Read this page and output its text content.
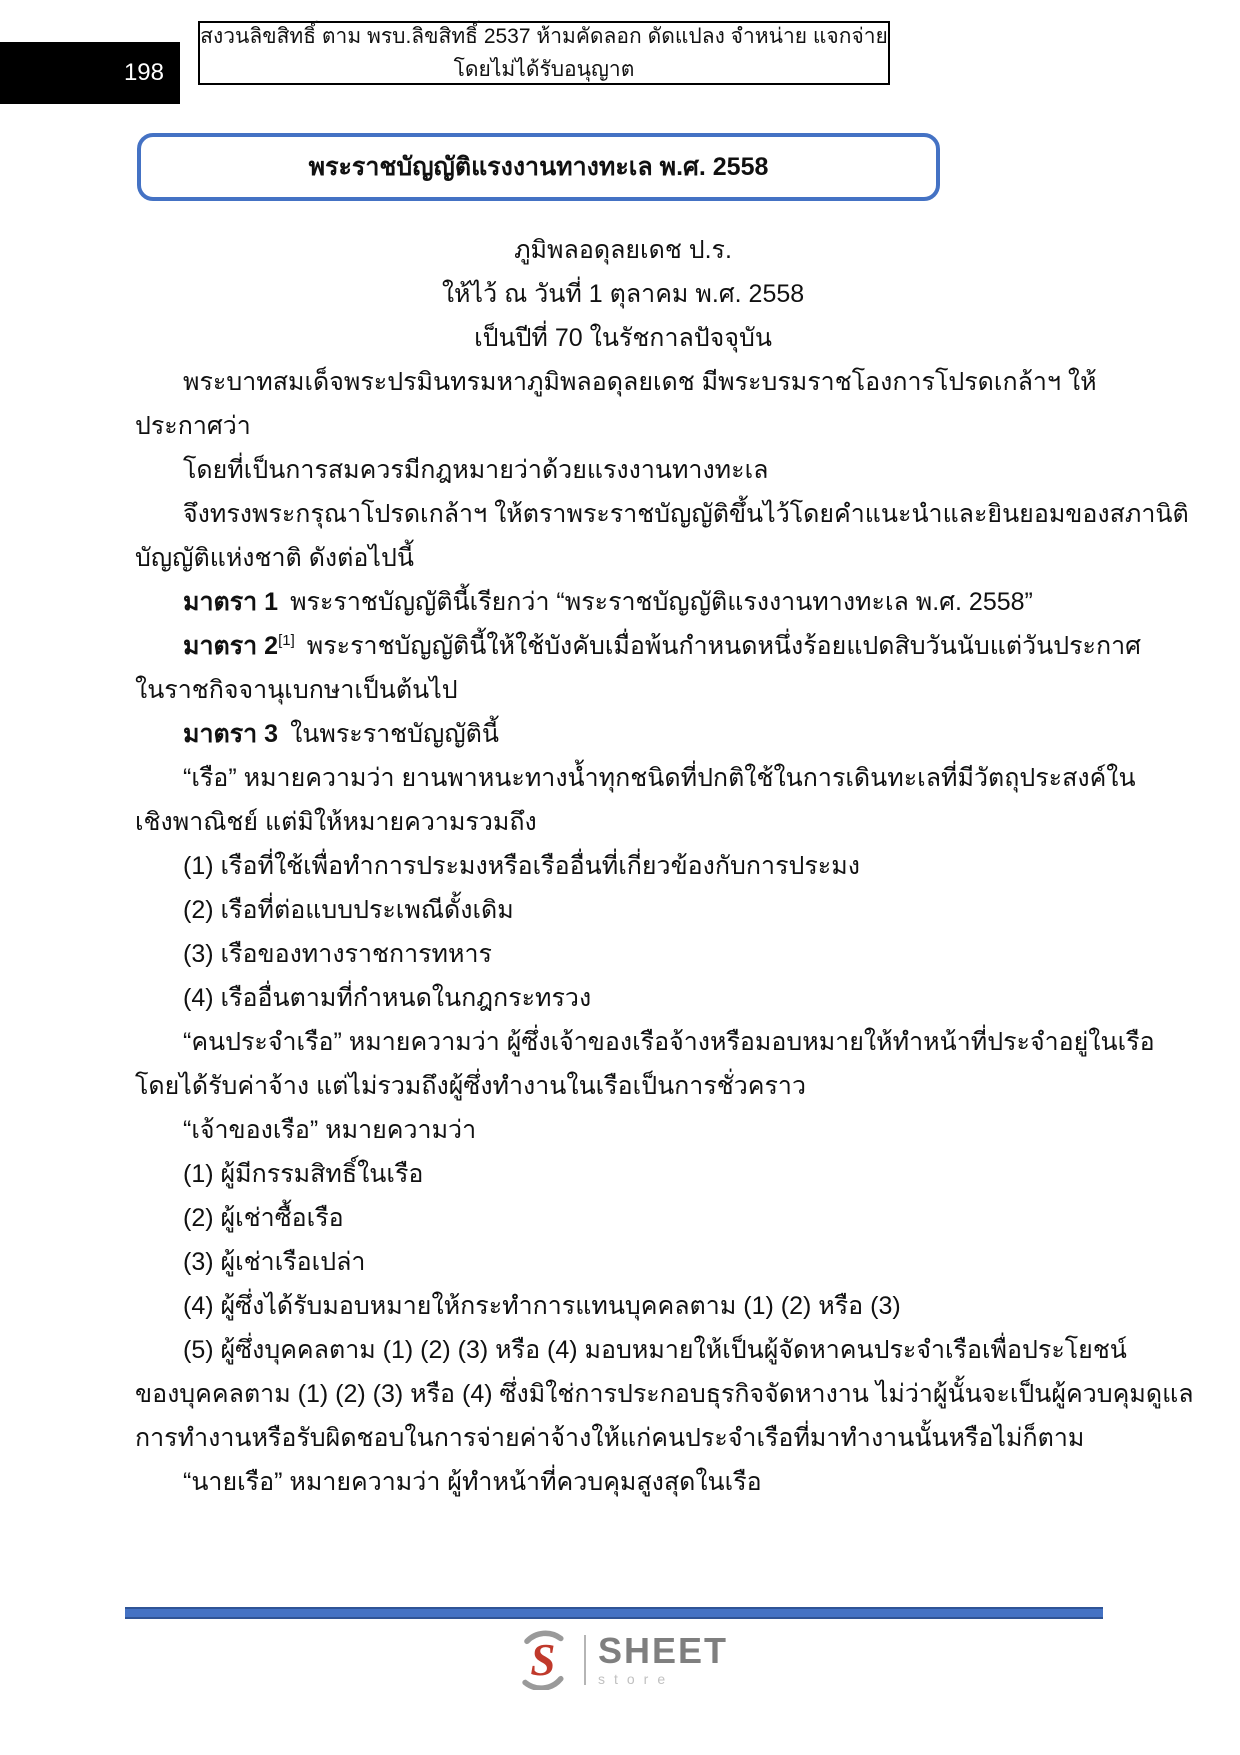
198
สงวนลิขสิทธิ์ ตาม พรบ.ลิขสิทธิ์ 2537 ห้ามคัดลอก ดัดแปลง จำหน่าย แจกจ่าย โดยไม่ได้รับอนุญาต
พระราชบัญญัติแรงงานทางทะเล พ.ศ. 2558
ภูมิพลอดุลยเดช ป.ร.
ให้ไว้ ณ วันที่ 1 ตุลาคม พ.ศ. 2558
เป็นปีที่ 70 ในรัชกาลปัจจุบัน
พระบาทสมเด็จพระปรมินทรมหาภูมิพลอดุลยเดช มีพระบรมราชโองการโปรดเกล้าฯ ให้
ประกาศว่า
โดยที่เป็นการสมควรมีกฎหมายว่าด้วยแรงงานทางทะเล
จึงทรงพระกรุณาโปรดเกล้าฯ ให้ตราพระราชบัญญัติขึ้นไว้โดยคำแนะนำและยินยอมของสภานิติ
บัญญัติแห่งชาติ ดังต่อไปนี้
มาตรา 1 พระราชบัญญัตินี้เรียกว่า “พระราชบัญญัติแรงงานทางทะเล พ.ศ. 2558”
มาตรา 2[1] พระราชบัญญัตินี้ให้ใช้บังคับเมื่อพ้นกำหนดหนึ่งร้อยแปดสิบวันนับแต่วันประกาศ
ในราชกิจจานุเบกษาเป็นต้นไป
มาตรา 3 ในพระราชบัญญัตินี้
“เรือ” หมายความว่า ยานพาหนะทางน้ำทุกชนิดที่ปกติใช้ในการเดินทะเลที่มีวัตถุประสงค์ใน
เชิงพาณิชย์ แต่มิให้หมายความรวมถึง
(1) เรือที่ใช้เพื่อทำการประมงหรือเรืออื่นที่เกี่ยวข้องกับการประมง
(2) เรือที่ต่อแบบประเพณีดั้งเดิม
(3) เรือของทางราชการทหาร
(4) เรืออื่นตามที่กำหนดในกฎกระทรวง
“คนประจำเรือ” หมายความว่า ผู้ซึ่งเจ้าของเรือจ้างหรือมอบหมายให้ทำหน้าที่ประจำอยู่ในเรือ
โดยได้รับค่าจ้าง แต่ไม่รวมถึงผู้ซึ่งทำงานในเรือเป็นการชั่วคราว
“เจ้าของเรือ” หมายความว่า
(1) ผู้มีกรรมสิทธิ์ในเรือ
(2) ผู้เช่าซื้อเรือ
(3) ผู้เช่าเรือเปล่า
(4) ผู้ซึ่งได้รับมอบหมายให้กระทำการแทนบุคคลตาม (1) (2) หรือ (3)
(5) ผู้ซึ่งบุคคลตาม (1) (2) (3) หรือ (4) มอบหมายให้เป็นผู้จัดหาคนประจำเรือเพื่อประโยชน์
ของบุคคลตาม (1) (2) (3) หรือ (4) ซึ่งมิใช่การประกอบธุรกิจจัดหางาน ไม่ว่าผู้นั้นจะเป็นผู้ควบคุมดูแล
การทำงานหรือรับผิดชอบในการจ่ายค่าจ้างให้แก่คนประจำเรือที่มาทำงานนั้นหรือไม่ก็ตาม
“นายเรือ” หมายความว่า ผู้ทำหน้าที่ควบคุมสูงสุดในเรือ
S SHEET
store
